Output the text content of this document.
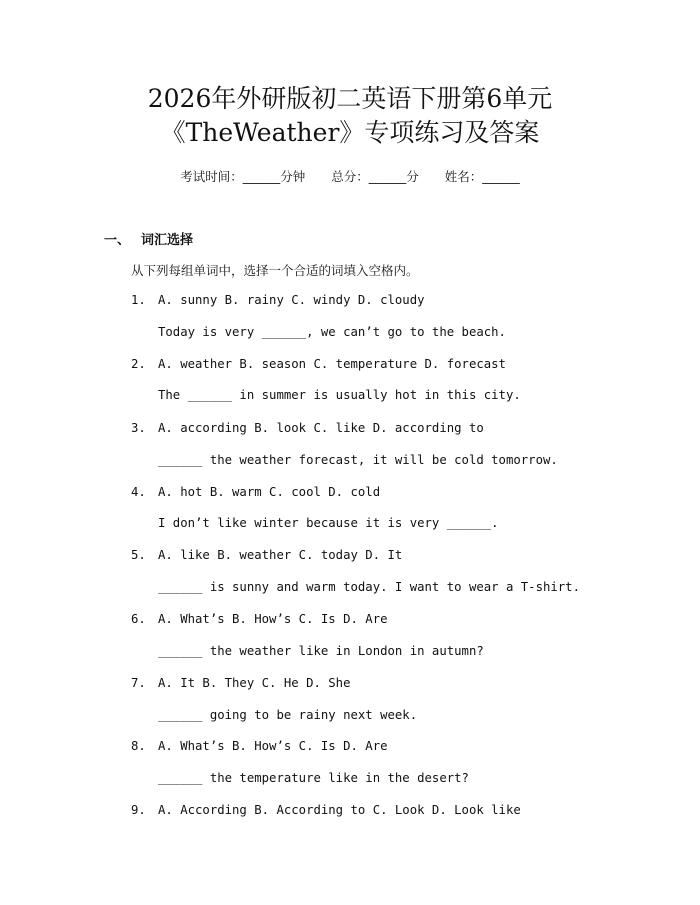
2026年外研版初二英语下册第6单元
《TheWeather》专项练习及答案
考试时间：______分钟 总分：______分 姓名：______
一、 词汇选择
从下列每组单词中，选择一个合适的词填入空格内。
1. A. sunny B. rainy C. windy D. cloudy
Today is very ______, we can’t go to the beach.
2. A. weather B. season C. temperature D. forecast
The ______ in summer is usually hot in this city.
3. A. according B. look C. like D. according to
______ the weather forecast, it will be cold tomorrow.
4. A. hot B. warm C. cool D. cold
I don’t like winter because it is very ______.
5. A. like B. weather C. today D. It
______ is sunny and warm today. I want to wear a T-shirt.
6. A. What’s B. How’s C. Is D. Are
______ the weather like in London in autumn?
7. A. It B. They C. He D. She
______ going to be rainy next week.
8. A. What’s B. How’s C. Is D. Are
______ the temperature like in the desert?
9. A. According B. According to C. Look D. Look like
